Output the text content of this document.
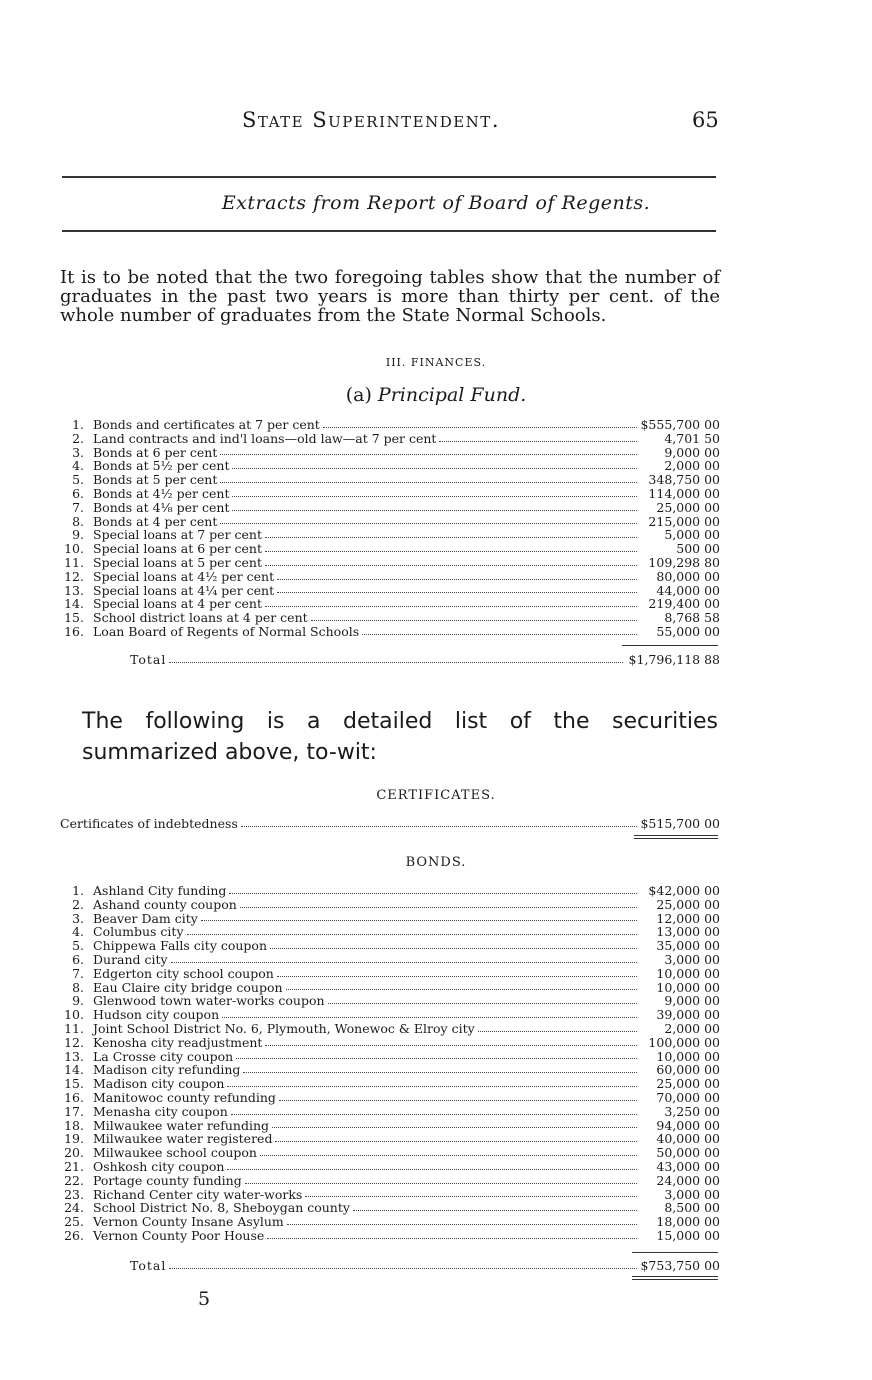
State Superintendent.	65
Extracts from Report of Board of Regents.
It is to be noted that the two foregoing tables show that the number of graduates in the past two years is more than thirty per cent. of the whole number of graduates from the State Normal Schools.
III. FINANCES.
(a) Principal Fund.
1. Bonds and certificates at 7 per cent	$555,700 00
2. Land contracts and ind'l loans—old law—at 7 per cent	4,701 50
3. Bonds at 6 per cent	9,000 00
4. Bonds at 5½ per cent	2,000 00
5. Bonds at 5 per cent	348,750 00
6. Bonds at 4½ per cent	114,000 00
7. Bonds at 4⅛ per cent	25,000 00
8. Bonds at 4 per cent	215,000 00
9. Special loans at 7 per cent	5,000 00
10. Special loans at 6 per cent	500 00
11. Special loans at 5 per cent	109,298 80
12. Special loans at 4½ per cent	80,000 00
13. Special loans at 4¼ per cent	44,000 00
14. Special loans at 4 per cent	219,400 00
15. School district loans at 4 per cent	8,768 58
16. Loan Board of Regents of Normal Schools	55,000 00
Total	$1,796,118 88
The following is a detailed list of the securities summarized above, to-wit:
CERTIFICATES.
Certificates of indebtedness	$515,700 00
BONDS.
1. Ashland City funding	$42,000 00
2. Ashand county coupon	25,000 00
3. Beaver Dam city	12,000 00
4. Columbus city	13,000 00
5. Chippewa Falls city coupon	35,000 00
6. Durand city	3,000 00
7. Edgerton city school coupon	10,000 00
8. Eau Claire city bridge coupon	10,000 00
9. Glenwood town water-works coupon	9,000 00
10. Hudson city coupon	39,000 00
11. Joint School District No. 6, Plymouth, Wonewoc & Elroy city	2,000 00
12. Kenosha city readjustment	100,000 00
13. La Crosse city coupon	10,000 00
14. Madison city refunding	60,000 00
15. Madison city coupon	25,000 00
16. Manitowoc county refunding	70,000 00
17. Menasha city coupon	3,250 00
18. Milwaukee water refunding	94,000 00
19. Milwaukee water registered	40,000 00
20. Milwaukee school coupon	50,000 00
21. Oshkosh city coupon	43,000 00
22. Portage county funding	24,000 00
23. Richand Center city water-works	3,000 00
24. School District No. 8, Sheboygan county	8,500 00
25. Vernon County Insane Asylum	18,000 00
26. Vernon County Poor House	15,000 00
Total	$753,750 00
5
